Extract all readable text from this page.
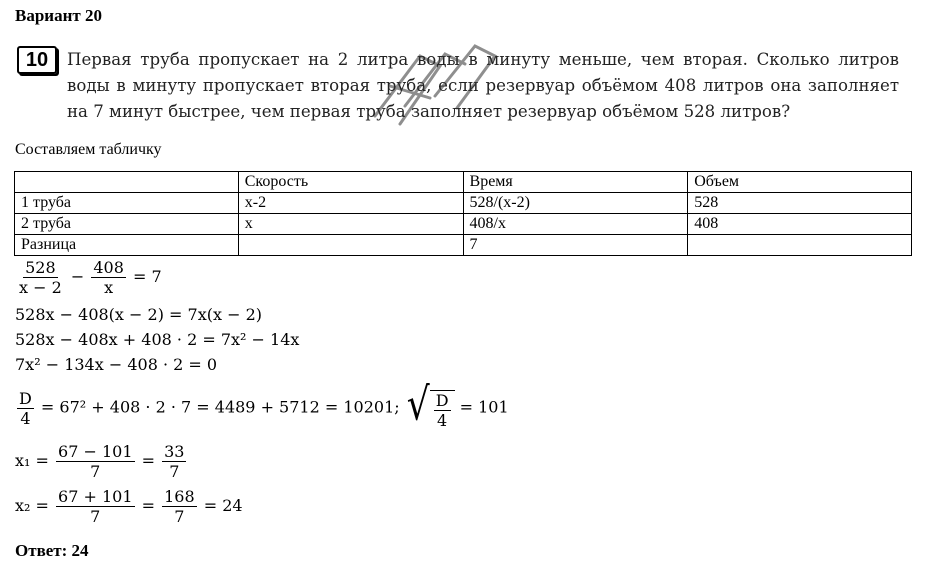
Вариант 20
10	Первая труба пропускает на 2 литра воды в минуту меньше, чем вторая. Сколько литров воды в минуту пропускает вторая труба, если резервуар объёмом 408 литров она заполняет на 7 минут быстрее, чем первая труба заполняет резервуар объёмом 528 литров?
Составляем табличку
	Скорость	Время	Объем
1 труба	x-2	528/(x-2)	528
2 труба	x	408/x	408
Разница		7	
$\frac{528}{x - 2} - \frac{408}{x} = 7$
528x − 408(x − 2) = 7x(x − 2)
528x − 408x + 408 · 2 = 7x² − 14x
7x² − 134x − 408 · 2 = 0
$\frac{D}{4} = 67^2 + 408 \cdot 2 \cdot 7 = 4489 + 5712 = 10201$; √ $\frac{D}{4} = 101$
$x_1 = \frac{67 - 101}{7} = \frac{33}{7}$
$x_2 = \frac{67 + 101}{7} = \frac{168}{7} = 24$
Ответ: 24
